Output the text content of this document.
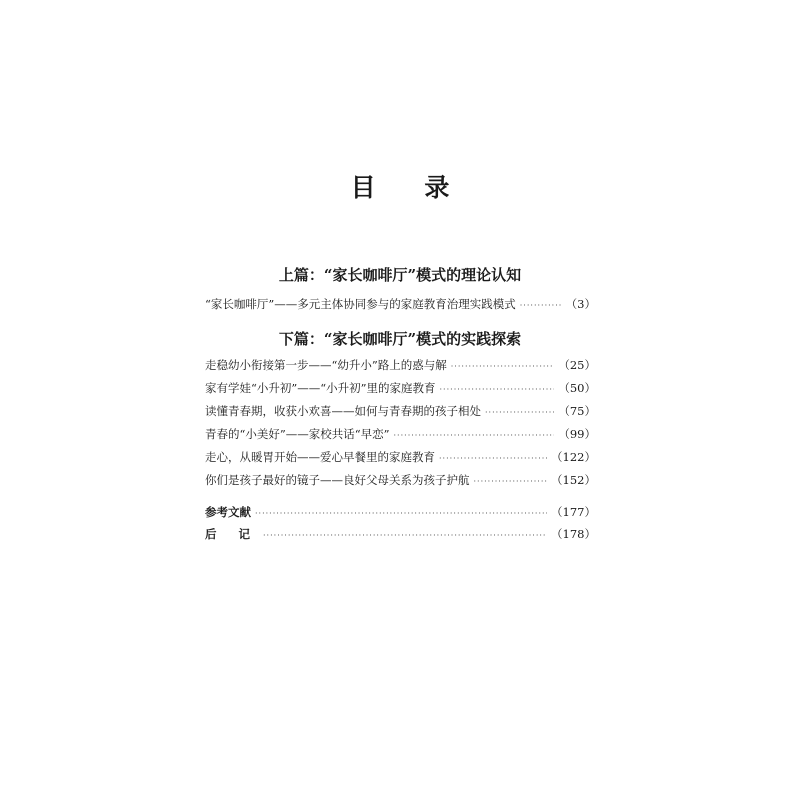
目 录
上篇：“家长咖啡厅”模式的理论认知
“家长咖啡厅”——多元主体协同参与的家庭教育治理实践模式 ·····	（3）
下篇：“家长咖啡厅”模式的实践探索
走稳幼小衔接第一步——“幼升小”路上的惑与解 ·····	（25）
家有学娃“小升初”——“小升初”里的家庭教育 ·····	（50）
读懂青春期，收获小欢喜——如何与青春期的孩子相处 ·····	（75）
青春的“小美好”——家校共话“早恋” ·····	（99）
走心，从暖胃开始——爱心早餐里的家庭教育 ·····	（122）
你们是孩子最好的镜子——良好父母关系为孩子护航 ·····	（152）
参考文献 ·····	（177）
后 记 ·····	（178）
